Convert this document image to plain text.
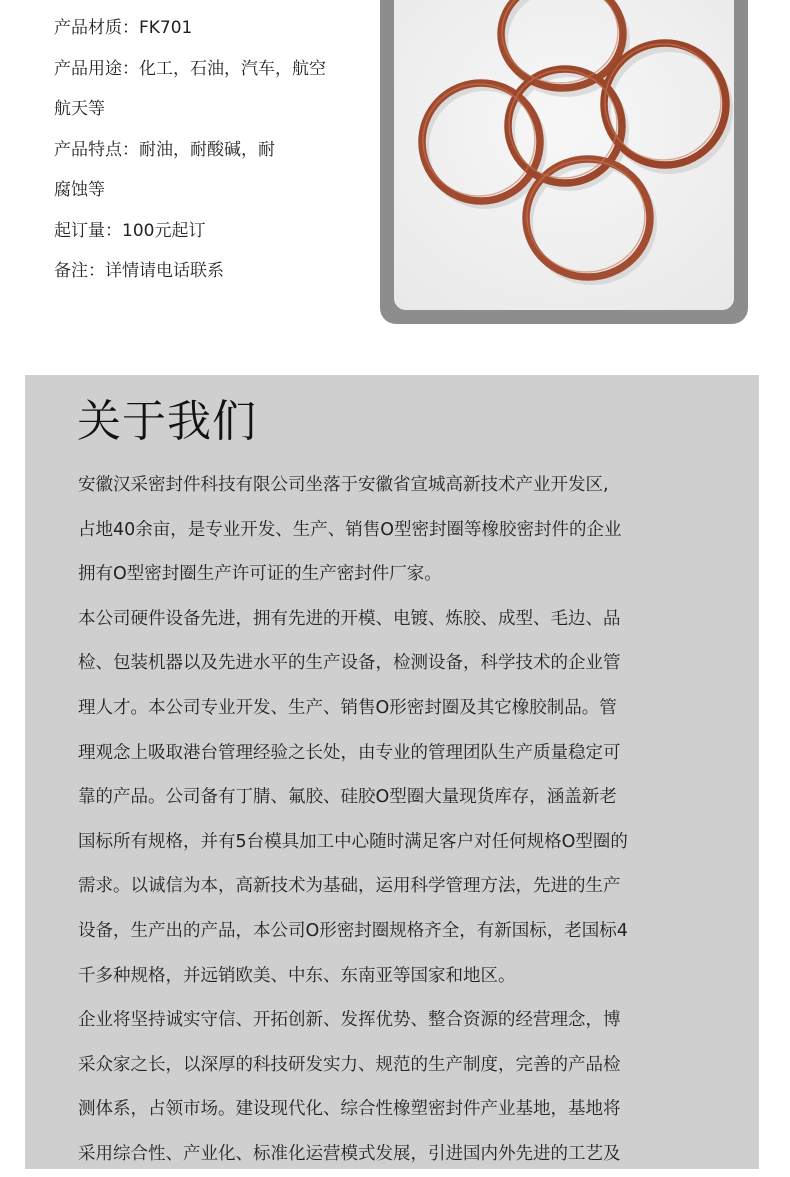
产品材质：FK701
产品用途：化工，石油，汽车，航空
航天等
产品特点：耐油，耐酸碱，耐
腐蚀等
起订量：100元起订
备注：详情请电话联系
关于我们
安徽汉采密封件科技有限公司坐落于安徽省宣城高新技术产业开发区,
占地40余亩，是专业开发、生产、销售O型密封圈等橡胶密封件的企业
拥有O型密封圈生产许可证的生产密封件厂家。
本公司硬件设备先进，拥有先进的开模、电镀、炼胶、成型、毛边、品
检、包装机器以及先进水平的生产设备，检测设备，科学技术的企业管
理人才。本公司专业开发、生产、销售O形密封圈及其它橡胶制品。管
理观念上吸取港台管理经验之长处，由专业的管理团队生产质量稳定可
靠的产品。公司备有丁腈、氟胶、硅胶O型圈大量现货库存，涵盖新老
国标所有规格，并有5台模具加工中心随时满足客户对任何规格O型圈的
需求。以诚信为本，高新技术为基础，运用科学管理方法，先进的生产
设备，生产出的产品，本公司O形密封圈规格齐全，有新国标，老国标4
千多种规格，并远销欧美、中东、东南亚等国家和地区。
企业将坚持诚实守信、开拓创新、发挥优势、整合资源的经营理念，博
采众家之长，以深厚的科技研发实力、规范的生产制度，完善的产品检
测体系，占领市场。建设现代化、综合性橡塑密封件产业基地，基地将
采用综合性、产业化、标准化运营模式发展，引进国内外先进的工艺及
